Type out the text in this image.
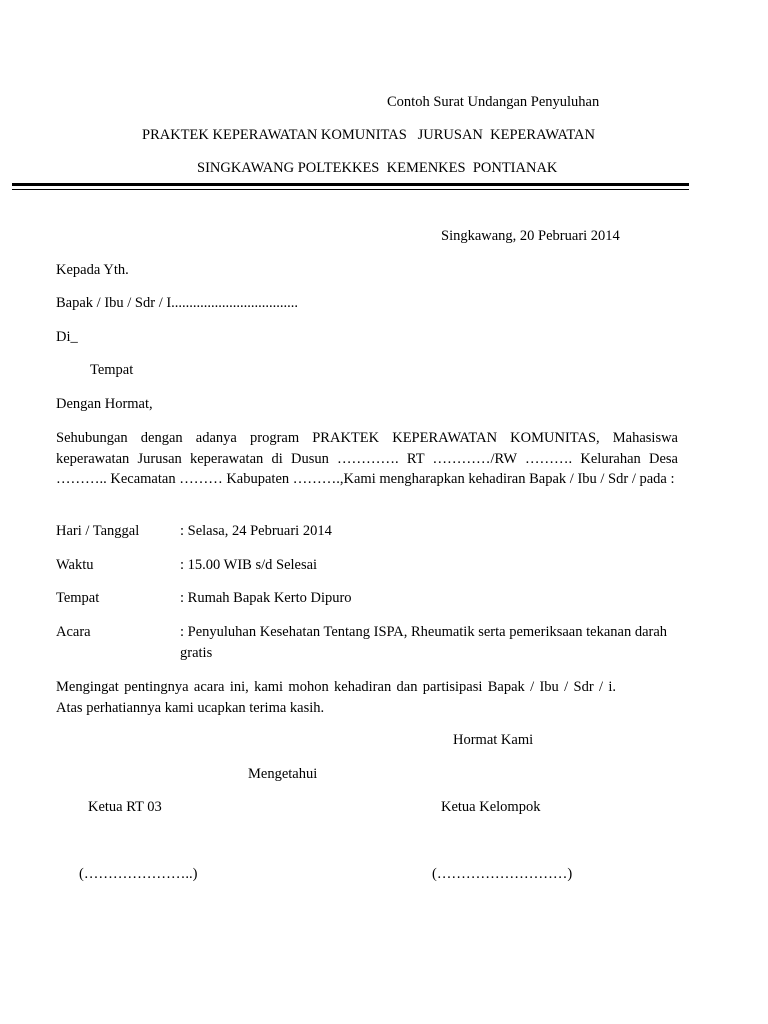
Contoh Surat Undangan Penyuluhan
PRAKTEK KEPERAWATAN KOMUNITAS   JURUSAN  KEPERAWATAN
SINGKAWANG POLTEKKES  KEMENKES  PONTIANAK
Singkawang, 20 Pebruari 2014
Kepada Yth.
Bapak / Ibu / Sdr / I...................................
Di_
Tempat
Dengan Hormat,
Sehubungan dengan adanya program PRAKTEK KEPERAWATAN KOMUNITAS, Mahasiswa keperawatan Jurusan keperawatan di Dusun …………. RT …………/RW ………. Kelurahan Desa ……….. Kecamatan ……… Kabupaten ……….,Kami mengharapkan kehadiran Bapak / Ibu / Sdr / pada :
Hari / Tanggal	: Selasa, 24 Pebruari 2014
Waktu	: 15.00 WIB s/d Selesai
Tempat	: Rumah Bapak Kerto Dipuro
Acara	: Penyuluhan Kesehatan Tentang ISPA, Rheumatik serta pemeriksaan tekanan darah gratis
Mengingat pentingnya acara ini, kami mohon kehadiran dan partisipasi Bapak / Ibu / Sdr / i. Atas perhatiannya kami ucapkan terima kasih.
Hormat Kami
Mengetahui
Ketua RT 03	Ketua Kelompok
(…………………..)	(………………………)
